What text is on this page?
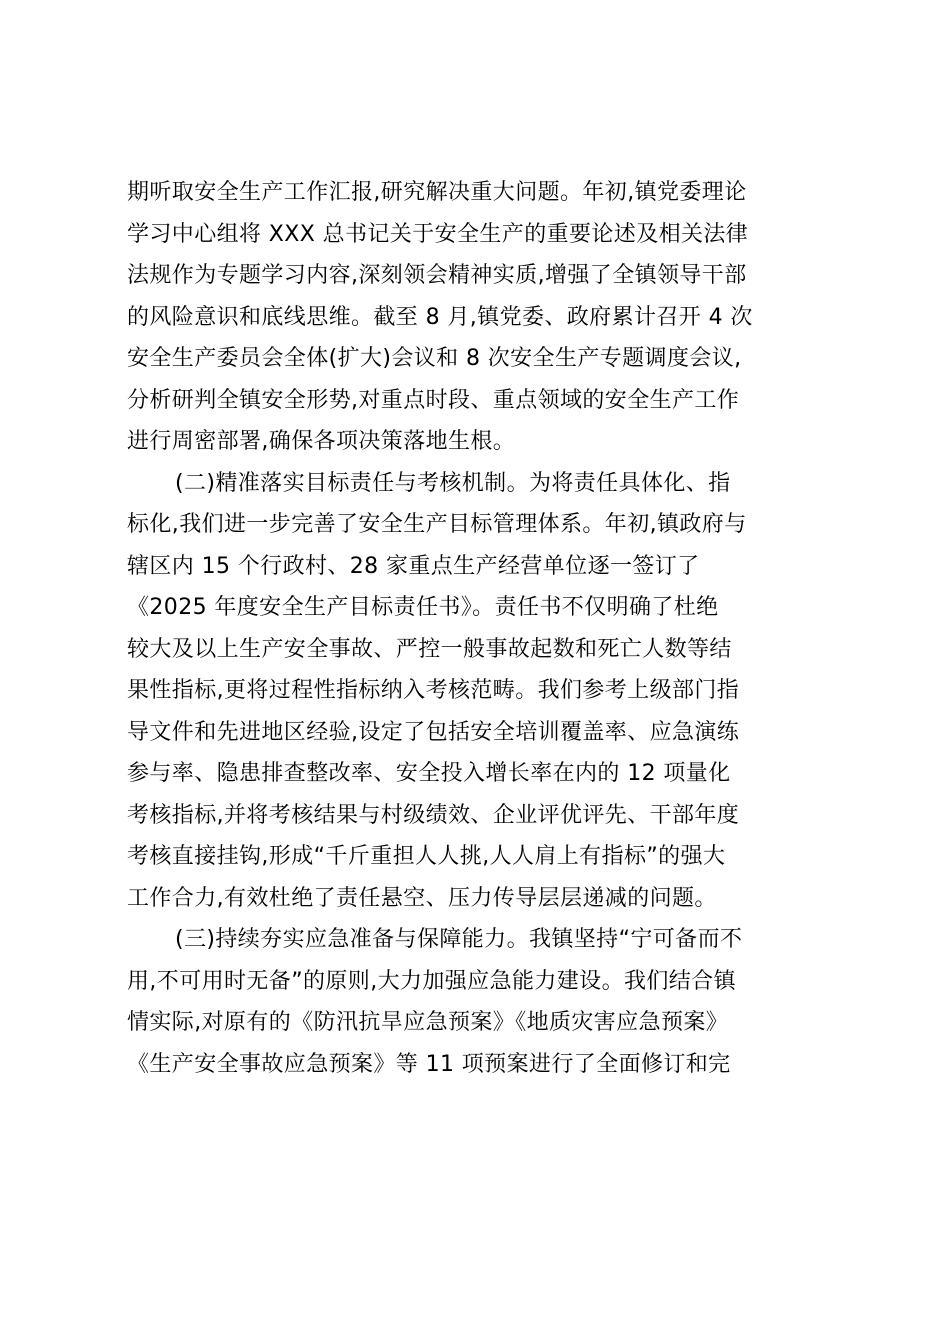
期听取安全生产工作汇报,研究解决重大问题。年初,镇党委理论
学习中心组将 XXX 总书记关于安全生产的重要论述及相关法律
法规作为专题学习内容,深刻领会精神实质,增强了全镇领导干部
的风险意识和底线思维。截至 8 月,镇党委、政府累计召开 4 次
安全生产委员会全体(扩大)会议和 8 次安全生产专题调度会议,
分析研判全镇安全形势,对重点时段、重点领域的安全生产工作
进行周密部署,确保各项决策落地生根。
(二)精准落实目标责任与考核机制。为将责任具体化、指
标化,我们进一步完善了安全生产目标管理体系。年初,镇政府与
辖区内 15 个行政村、28 家重点生产经营单位逐一签订了
《2025 年度安全生产目标责任书》。责任书不仅明确了杜绝
较大及以上生产安全事故、严控一般事故起数和死亡人数等结
果性指标,更将过程性指标纳入考核范畴。我们参考上级部门指
导文件和先进地区经验,设定了包括安全培训覆盖率、应急演练
参与率、隐患排查整改率、安全投入增长率在内的 12 项量化
考核指标,并将考核结果与村级绩效、企业评优评先、干部年度
考核直接挂钩,形成“千斤重担人人挑,人人肩上有指标”的强大
工作合力,有效杜绝了责任悬空、压力传导层层递减的问题。
(三)持续夯实应急准备与保障能力。我镇坚持“宁可备而不
用,不可用时无备”的原则,大力加强应急能力建设。我们结合镇
情实际,对原有的《防汛抗旱应急预案》《地质灾害应急预案》
《生产安全事故应急预案》等 11 项预案进行了全面修订和完
